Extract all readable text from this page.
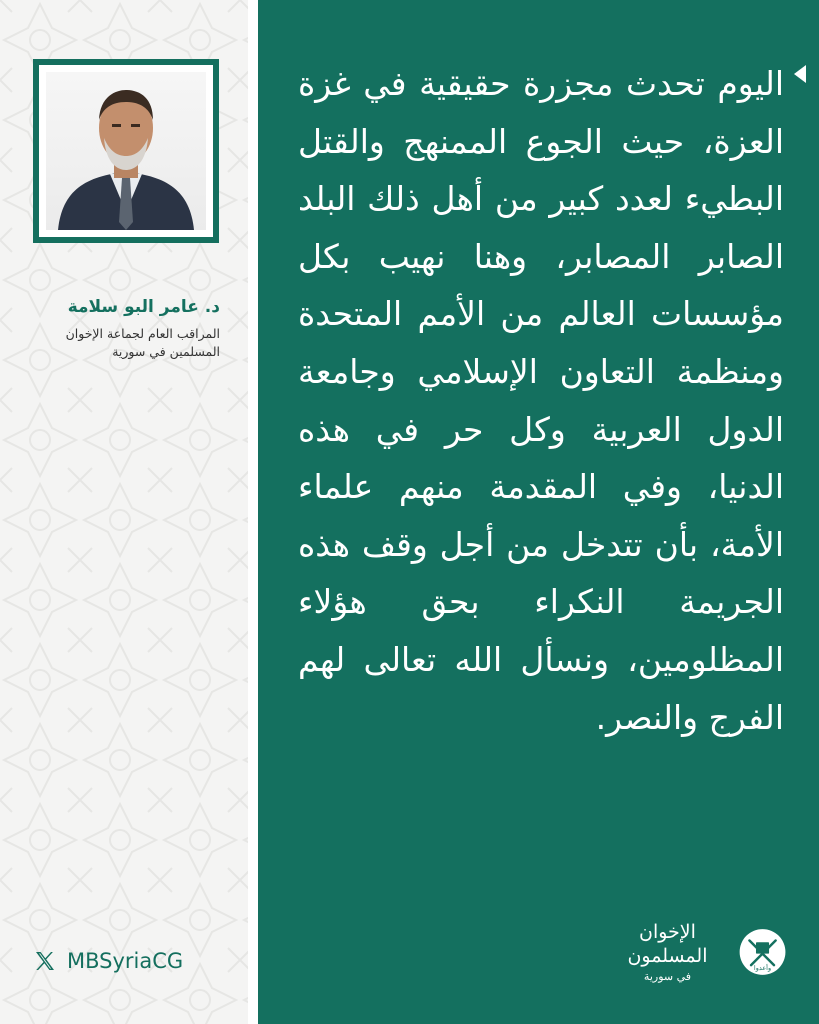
د. عامر البو سلامة
المراقب العام لجماعة الإخوان
المسلمين في سورية
MBSyriaCG
اليوم تحدث مجزرة حقيقية في غزة العزة، حيث الجوع الممنهج والقتل البطيء لعدد كبير من أهل ذلك البلد الصابر المصابر، وهنا نهيب بكل مؤسسات العالم من الأمم المتحدة ومنظمة التعاون الإسلامي وجامعة الدول العربية وكل حر في هذه الدنيا، وفي المقدمة منهم علماء الأمة، بأن تتدخل من أجل وقف هذه الجريمة النكراء بحق هؤلاء المظلومين، ونسأل الله تعالى لهم الفرج والنصر.
الإخوان المسلمون
في سورية
وأعدوا
